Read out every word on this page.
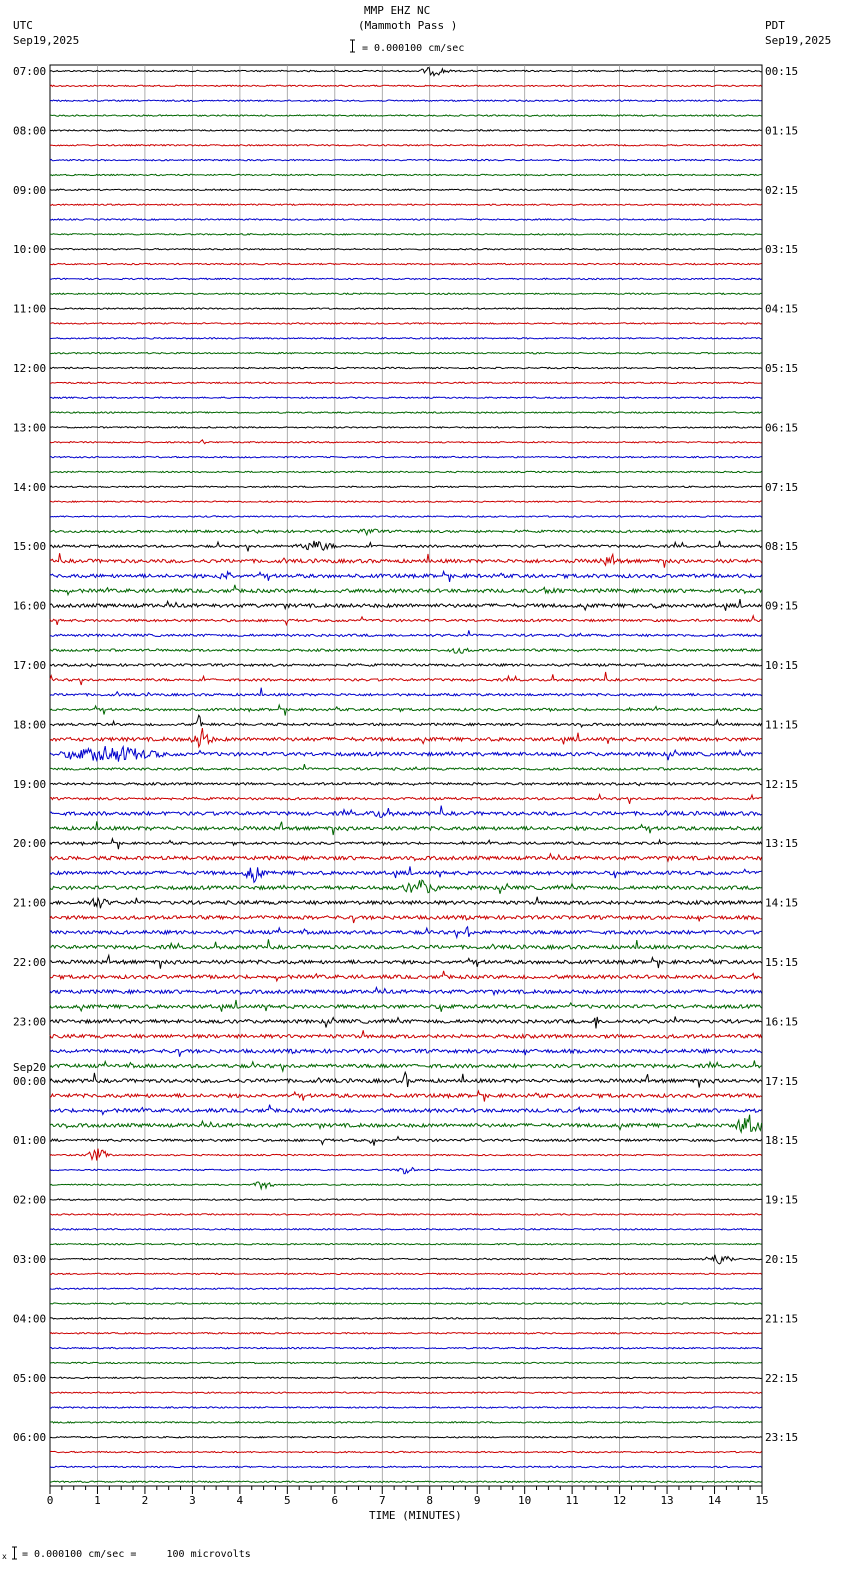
0	1	2	3	4	5	6	7	8	9	10	11	12	13	14	15
07:00
08:00
09:00
10:00
11:00
12:00
13:00
14:00
15:00
16:00
17:00
18:00
19:00
20:00
21:00
22:00
23:00
00:00
01:00
02:00
03:00
04:00
05:00
06:00
00:15
01:15
02:15
03:15
04:15
05:15
06:15
07:15
08:15
09:15
10:15
11:15
12:15
13:15
14:15
15:15
16:15
17:15
18:15
19:15
20:15
21:15
22:15
23:15
MMP EHZ NC
(Mammoth Pass )
= 0.000100 cm/sec
UTC
Sep19,2025
PDT
Sep19,2025
Sep20
TIME (MINUTES)
= 0.000100 cm/sec =     100 microvolts
x
